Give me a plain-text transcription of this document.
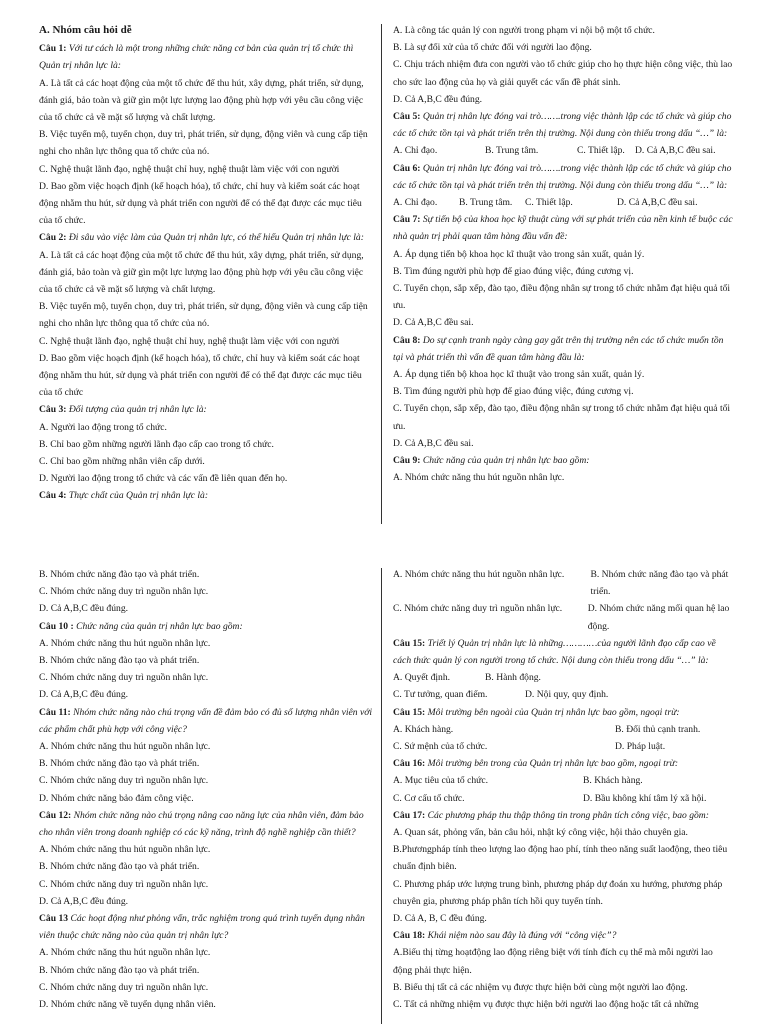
A. Nhóm câu hỏi dễ

Câu 1: Với tư cách là một trong những chức năng cơ bản của quản trị tổ chức thì Quản trị nhân lực là:

A. Là tất cả các hoạt động của một tổ chức để thu hút, xây dựng, phát triển, sử dụng, đánh giá, bảo toàn và giữ gìn một lực lượng lao động phù hợp với yêu cầu công việc của tổ chức cả về mặt số lượng và chất lượng.

B. Việc tuyển mộ, tuyển chọn, duy trì, phát triển, sử dụng, động viên và cung cấp tiện nghi cho nhân lực thông qua tổ chức của nó.

C. Nghệ thuật lãnh đạo, nghệ thuật chỉ huy, nghệ thuật làm việc với con người

D. Bao gồm việc hoạch định (kế hoạch hóa), tổ chức, chỉ huy và kiểm soát các hoạt động nhằm thu hút, sử dụng và phát triển con người để có thể đạt được các mục tiêu của tổ chức.

Câu 2: Đi sâu vào việc làm của Quản trị nhân lực, có thể hiểu Quản trị nhân lực là:

A. Là tất cả các hoạt động của một tổ chức để thu hút, xây dựng, phát triển, sử dụng, đánh giá, bảo toàn và giữ gìn một lực lượng lao động phù hợp với yêu cầu công việc của tổ chức cả về mặt số lượng và chất lượng.

B. Việc tuyển mộ, tuyển chọn, duy trì, phát triển, sử dụng, động viên và cung cấp tiện nghi cho nhân lực thông qua tổ chức của nó.

C. Nghệ thuật lãnh đạo, nghệ thuật chỉ huy, nghệ thuật làm việc với con người

D. Bao gồm việc hoạch định (kế hoạch hóa), tổ chức, chỉ huy và kiểm soát các hoạt động nhằm thu hút, sử dụng và phát triển con người để có thể đạt được các mục tiêu của tổ chức

Câu 3: Đối tượng của quản trị nhân lực là:

A. Người lao động trong tổ chức.

B. Chỉ bao gồm những người lãnh đạo cấp cao trong tổ chức.

C. Chỉ bao gồm những nhân viên cấp dưới.

D. Người lao động trong tổ chức và các vấn đề liên quan đến họ.

Câu 4: Thực chất của Quản trị nhân lực là:

A. Là công tác quản lý con người trong phạm vi nội bộ một tổ chức.

B. Là sự đối xử của tổ chức đối với người lao động.

C. Chịu trách nhiệm đưa con người vào tổ chức giúp cho họ thực hiện công việc, thù lao cho sức lao động của họ và giải quyết các vấn đề phát sinh.

D. Cả A,B,C đều đúng.

Câu 5: Quản trị nhân lực đóng vai trò…….trong việc thành lập các tổ chức và giúp cho các tổ chức tồn tại và phát triển trên thị trường. Nội dung còn thiếu trong dấu “…” là:

A. Chỉ đạo.	B. Trung tâm.	C. Thiết lập.	D. Cả A,B,C đều sai.

Câu 6: Quản trị nhân lực đóng vai trò…….trong việc thành lập các tổ chức và giúp cho các tổ chức tồn tại và phát triển trên thị trường. Nội dung còn thiếu trong dấu “…” là:

A. Chỉ đạo.	B. Trung tâm.	C. Thiết lập.	D. Cả A,B,C đều sai.

Câu 7: Sự tiến bộ của khoa học kỹ thuật cùng với sự phát triển của nền kinh tế buộc các nhà quản trị phải quan tâm hàng đầu vấn đề:

A. Áp dụng tiến bộ khoa học kĩ thuật vào trong sản xuất, quản lý.

B. Tìm đúng người phù hợp để giao đúng việc, đúng cương vị.

C. Tuyển chọn, sắp xếp, đào tạo, điều động nhân sự trong tổ chức nhằm đạt hiệu quả tối ưu.

D. Cả A,B,C đều sai.

Câu 8: Do sự cạnh tranh ngày càng gay gắt trên thị trường nên các tổ chức muốn tồn tại và phát triển thì vấn đề quan tâm hàng đầu là:

A. Áp dụng tiến bộ khoa học kĩ thuật vào trong sản xuất, quản lý.

B. Tìm đúng người phù hợp để giao đúng việc, đúng cương vị.

C. Tuyển chọn, sắp xếp, đào tạo, điều động nhân sự trong tổ chức nhằm đạt hiệu quả tối ưu.

D. Cả A,B,C đều sai.

Câu 9: Chức năng của quản trị nhân lực bao gồm:

A. Nhóm chức năng thu hút nguồn nhân lực.

B. Nhóm chức năng đào tạo và phát triển.

C. Nhóm chức năng duy trì nguồn nhân lực.

D. Cả A,B,C đều đúng.

Câu 10 : Chức năng của quản trị nhân lực bao gồm:

A. Nhóm chức năng thu hút nguồn nhân lực.

B. Nhóm chức năng đào tạo và phát triển.

C. Nhóm chức năng duy trì nguồn nhân lực.

D. Cả A,B,C đều đúng.

Câu 11: Nhóm chức năng nào chú trọng vấn đề đảm bảo có đủ số lượng nhân viên với các phẩm chất phù hợp với công việc?

A. Nhóm chức năng thu hút nguồn nhân lực.

B. Nhóm chức năng đào tạo và phát triển.

C. Nhóm chức năng duy trì nguồn nhân lực.

D. Nhóm chức năng bảo đảm công việc.

Câu 12: Nhóm chức năng nào chú trọng nâng cao năng lực của nhân viên, đảm bảo cho nhân viên trong doanh nghiệp có các kỹ năng, trình độ nghề nghiệp cần thiết?

A. Nhóm chức năng thu hút nguồn nhân lực.

B. Nhóm chức năng đào tạo và phát triển.

C. Nhóm chức năng duy trì nguồn nhân lực.

D. Cả A,B,C đều đúng.

Câu 13 Các hoạt động như phỏng vấn, trắc nghiệm trong quá trình tuyển dụng nhân viên thuộc chức năng nào của quản trị nhân lực?

A. Nhóm chức năng thu hút nguồn nhân lực.

B. Nhóm chức năng đào tạo và phát triển.

C. Nhóm chức năng duy trì nguồn nhân lực.

D. Nhóm chức năng về tuyển dụng nhân viên.

A. Nhóm chức năng thu hút nguồn nhân lực.	B. Nhóm chức năng đào tạo và phát triển.
C. Nhóm chức năng duy trì nguồn nhân lực.	D. Nhóm chức năng mối quan hệ lao động.

Câu 15: Triết lý Quản trị nhân lực là những…………của người lãnh đạo cấp cao về cách thức quản lý con người trong tổ chức. Nội dung còn thiếu trong dấu “…” là:

A. Quyết định.	B. Hành động.
C. Tư tưởng, quan điểm.	D. Nội quy, quy định.

Câu 15: Môi trường bên ngoài của Quản trị nhân lực bao gồm, ngoại trừ:

A. Khách hàng.	B. Đối thủ cạnh tranh.
C. Sứ mệnh của tổ chức.	D. Pháp luật.

Câu 16: Môi trường bên trong của Quản trị nhân lực bao gồm, ngoại trừ:

A. Mục tiêu của tổ chức.	B. Khách hàng.
C. Cơ cấu tổ chức.	D. Bầu không khí tâm lý xã hội.

Câu 17: Các phương pháp thu thập thông tin trong phân tích công việc, bao gồm:

A. Quan sát, phỏng vấn, bản câu hỏi, nhật ký công việc, hội thảo chuyên gia.

B.Phươngpháp tính theo lượng lao động hao phí, tính theo năng suất laođộng, theo tiêu chuẩn định biên.

C. Phương pháp ước lượng trung bình, phương pháp dự đoán xu hướng, phương pháp chuyên gia, phương pháp phân tích hồi quy tuyến tính.

D. Cả A, B, C đều đúng.

Câu 18: Khái niệm nào sau đây là đúng với “công việc”?

A.Biểu thị từng hoạtđộng lao động riêng biệt với tính đích cụ thể mà mỗi người lao động phải thực hiện.

B. Biểu thị tất cả các nhiệm vụ được thực hiện bởi cùng một người lao động.

C. Tất cả những nhiệm vụ được thực hiện bởi người lao động hoặc tất cả những
